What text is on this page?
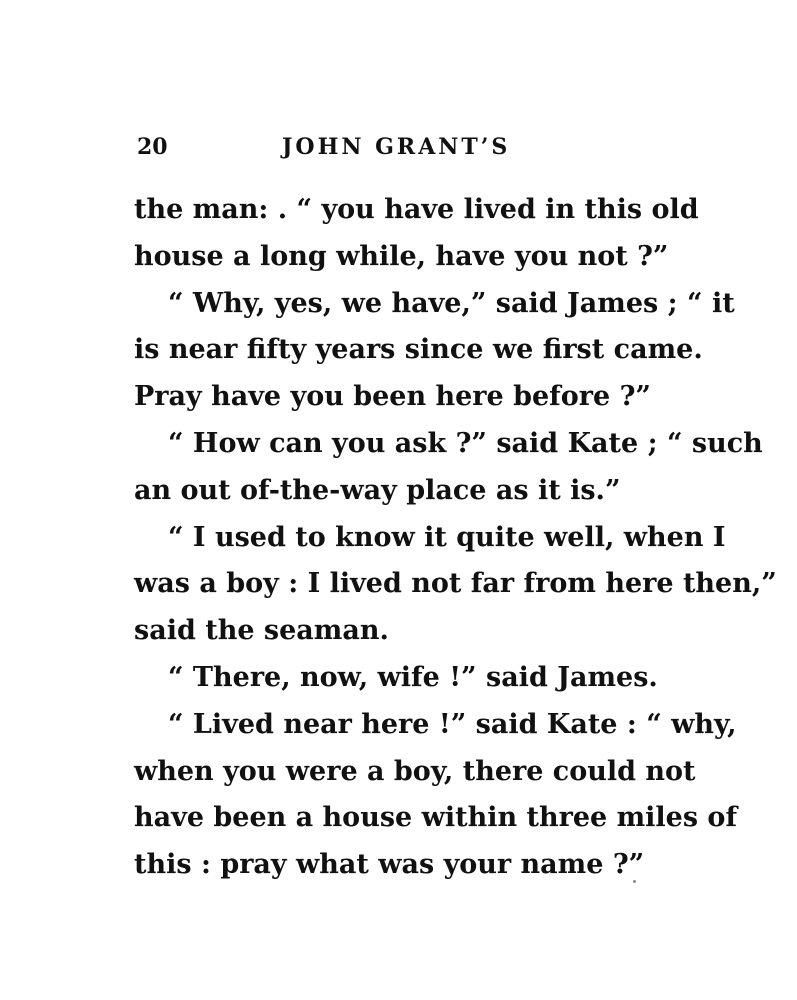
20	JOHN GRANT’S
the man: . “ you have lived in this old
house a long while, have you not ?”
“ Why, yes, we have,” said James ; “ it
is near fifty years since we first came.
Pray have you been here before ?”
“ How can you ask ?” said Kate ; “ such
an out of-the-way place as it is.”
“ I used to know it quite well, when I
was a boy : I lived not far from here then,”
said the seaman.
“ There, now, wife !” said James.
“ Lived near here !” said Kate : “ why,
when you were a boy, there could not
have been a house within three miles of
this : pray what was your name ?”
